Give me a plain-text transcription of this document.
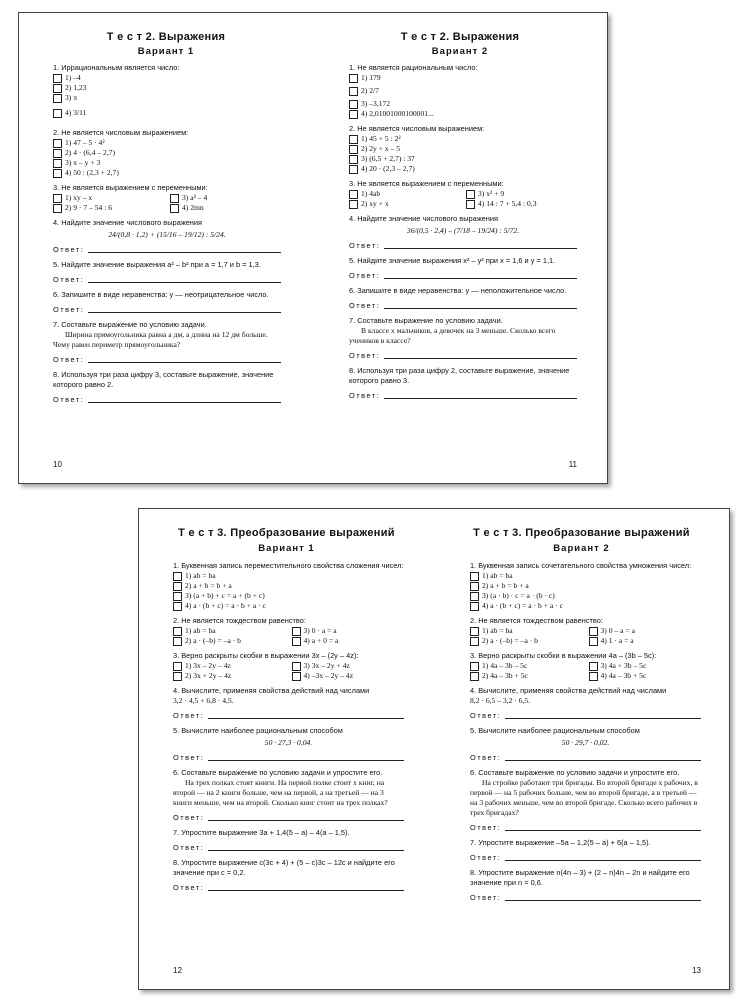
Т е с т 2. Выражения
Вариант 1
1. Иррациональным является число:
1) –4
2) 1,23
3) π
4) 3/11
2. Не является числовым выражением:
1) 47 – 5 · 4²
2) 4 · (6,4 – 2,7)
3) x – y + 3
4) 50 : (2,3 + 2,7)
3. Не является выражением с переменными:
1) xy – x	3) a² – 4
2) 9 · 7 – 54 : 6	4) 2mn
4. Найдите значение числового выражения
24/(0,8 · 1,2) + (15/16 – 19/12) : 5/24.
Ответ:
5. Найдите значение выражения a² – b² при a = 1,7 и b = 1,3.
Ответ:
6. Запишите в виде неравенства: y — неотрицательное число.
Ответ:
7. Составьте выражение по условию задачи.
Ширина прямоугольника равна a дм, а длина на 12 дм больше. Чему равен периметр прямоугольника?
Ответ:
8. Используя три раза цифру 3, составьте выражение, значение которого равно 2.
Ответ:
10
Т е с т 2. Выражения
Вариант 2
1. Не является рациональным число:
1) 179
2) 2/7
3) –3,172
4) 2,01001000100001...
2. Не является числовым выражением:
1) 45 + 5 : 2²
2) 2y + x – 5
3) (6,5 + 2,7) : 37
4) 20 · (2,3 – 2,7)
3. Не является выражением с переменными:
1) 4ab	3) x² + 9
2) xy + x	4) 14 : 7 + 5,4 : 0,3
4. Найдите значение числового выражения
36/(0,5 · 2,4) – (7/18 – 19/24) : 5/72.
Ответ:
5. Найдите значение выражения x² – y² при x = 1,6 и y = 1,1.
Ответ:
6. Запишите в виде неравенства: y — неположительное число.
Ответ:
7. Составьте выражение по условию задачи.
В классе x мальчиков, а девочек на 3 меньше. Сколько всего учеников в классе?
Ответ:
8. Используя три раза цифру 2, составьте выражение, значение которого равно 3.
Ответ:
11
Т е с т 3. Преобразование выражений
Вариант 1
1. Буквенная запись переместительного свойства сложения чисел:
1) ab = ba
2) a + b = b + a
3) (a + b) + c = a + (b + c)
4) a · (b + c) = a · b + a · c
2. Не является тождеством равенство:
1) ab = ba	3) 0 · a = a
2) a · (–b) = –a · b	4) a + 0 = a
3. Верно раскрыты скобки в выражении 3x – (2y – 4z):
1) 3x – 2y – 4z	3) 3x – 2y + 4z
2) 3x + 2y – 4z	4) –3x – 2y – 4z
4. Вычислите, применяя свойства действий над числами
3,2 · 4,5 + 6,8 · 4,5.
Ответ:
5. Вычислите наиболее рациональным способом
50 · 27,3 · 0,04.
Ответ:
6. Составьте выражение по условию задачи и упростите его.
На трех полках стоят книги. На первой полке стоит x книг, на второй — на 2 книги больше, чем на первой, а на третьей — на 3 книги меньше, чем на второй. Сколько книг стоит на трех полках?
Ответ:
7. Упростите выражение 3a + 1,4(5 – a) – 4(a – 1,5).
Ответ:
8. Упростите выражение c(3c + 4) + (5 – c)3c – 12c и найдите его значение при c = 0,2.
Ответ:
12
Т е с т 3. Преобразование выражений
Вариант 2
1. Буквенная запись сочетательного свойства умножения чисел:
1) ab = ba
2) a + b = b + a
3) (a · b) · c = a · (b · c)
4) a · (b + c) = a · b + a · c
2. Не является тождеством равенство:
1) ab = ba	3) 0 – a = a
2) a · (–b) = –a · b	4) 1 · a = a
3. Верно раскрыты скобки в выражении 4a – (3b – 5c):
1) 4a – 3b – 5c	3) 4a + 3b – 5c
2) 4a – 3b + 5c	4) 4a – 3b + 5c
4. Вычислите, применяя свойства действий над числами
8,2 · 6,5 – 3,2 · 6,5.
Ответ:
5. Вычислите наиболее рациональным способом
50 · 29,7 · 0,02.
Ответ:
6. Составьте выражение по условию задачи и упростите его.
На стройке работают три бригады. Во второй бригаде x рабочих, в первой — на 5 рабочих больше, чем во второй бригаде, а в третьей — на 3 рабочих меньше, чем во второй бригаде. Сколько всего рабочих в трех бригадах?
Ответ:
7. Упростите выражение –5a – 1,2(5 – a) + 6(a – 1,5).
Ответ:
8. Упростите выражение n(4n – 3) + (2 – n)4n – 2n и найдите его значение при n = 0,6.
Ответ:
13
